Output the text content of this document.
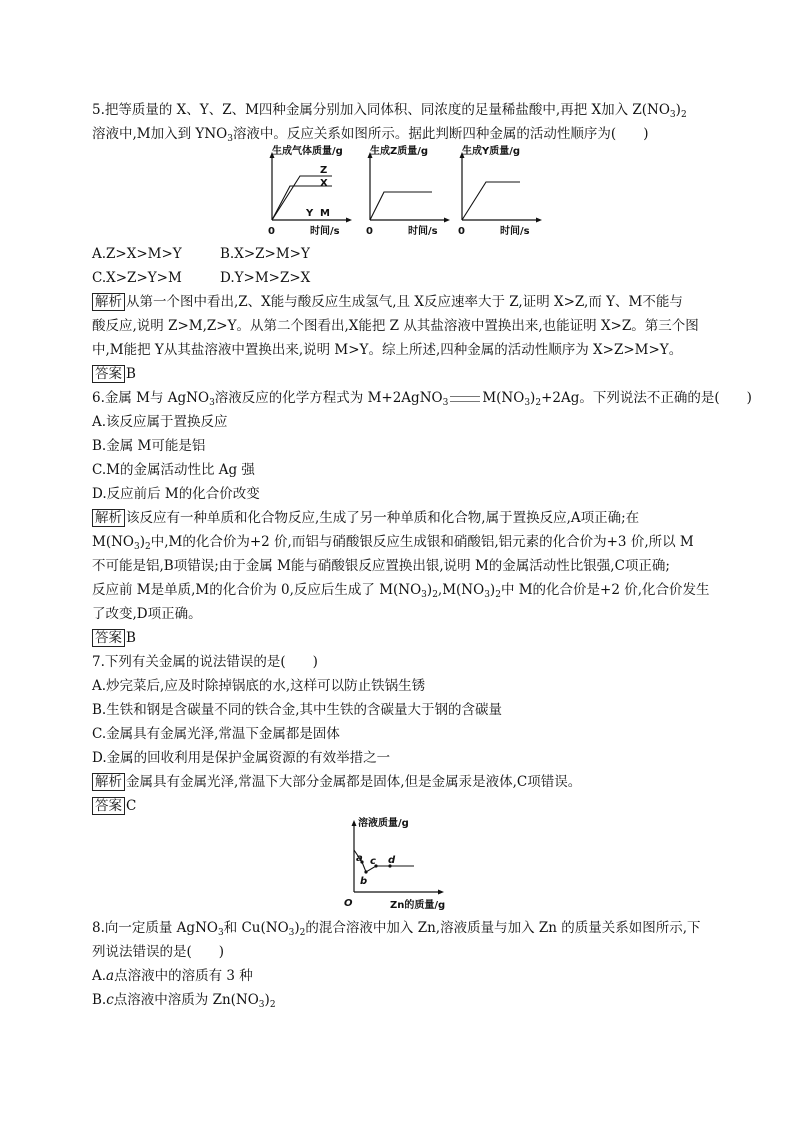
5.把等质量的 X、Y、Z、M四种金属分别加入同体积、同浓度的足量稀盐酸中,再把 X加入 $Z(NO_3)_2$
溶液中,M加入到 $YNO_3$溶液中。反应关系如图所示。据此判断四种金属的活动性顺序为(　　)
生成气体质量/g
0	时间/s
Z
X
Y M
生成Z质量/g
0	时间/s
生成Y质量/g
0	时间/s
A.Z>X>M>Y	B.X>Z>M>Y
C.X>Z>Y>M	D.Y>M>Z>X
解析 从第一个图中看出,Z、X能与酸反应生成氢气,且 X反应速率大于 Z,证明 X>Z,而 Y、M不能与
酸反应,说明 Z>M,Z>Y。从第二个图看出,X能把 Z 从其盐溶液中置换出来,也能证明 X>Z。第三个图
中,M能把 Y从其盐溶液中置换出来,说明 M>Y。综上所述,四种金属的活动性顺序为 X>Z>M>Y。
答案 B
6.金属 M与 AgNO$_3$溶液反应的化学方程式为 M+2AgNO$_3$	$M(NO_3)_2+2Ag$。下列说法不正确的是(　　)
A.该反应属于置换反应
B.金属 M可能是铝
C.M的金属活动性比 Ag 强
D.反应前后 M的化合价改变
解析 该反应有一种单质和化合物反应,生成了另一种单质和化合物,属于置换反应,A项正确;在
$M(NO_3)_2$中,M的化合价为+2 价,而铝与硝酸银反应生成银和硝酸铝,铝元素的化合价为+3 价,所以 M
不可能是铝,B项错误;由于金属 M能与硝酸银反应置换出银,说明 M的金属活动性比银强,C项正确;
反应前 M是单质,M的化合价为 0,反应后生成了 $M(NO_3)_2,M(NO_3)_2$中 M的化合价是+2 价,化合价发生
了改变,D项正确。
答案 B
7.下列有关金属的说法错误的是(　　)
A.炒完菜后,应及时除掉锅底的水,这样可以防止铁锅生锈
B.生铁和钢是含碳量不同的铁合金,其中生铁的含碳量大于钢的含碳量
C.金属具有金属光泽,常温下金属都是固体
D.金属的回收利用是保护金属资源的有效举措之一
解析 金属具有金属光泽,常温下大部分金属都是固体,但是金属汞是液体,C项错误。
答案 C
溶液质量/g
O	Zn的质量/g
a
b
c d
8.向一定质量 AgNO$_3$和 $Cu(NO_3)_2$的混合溶液中加入 Zn,溶液质量与加入 Zn 的质量关系如图所示,下
列说法错误的是(　　)
A.a点溶液中的溶质有 3 种
B.c点溶液中溶质为 $Zn(NO_3)_2$
